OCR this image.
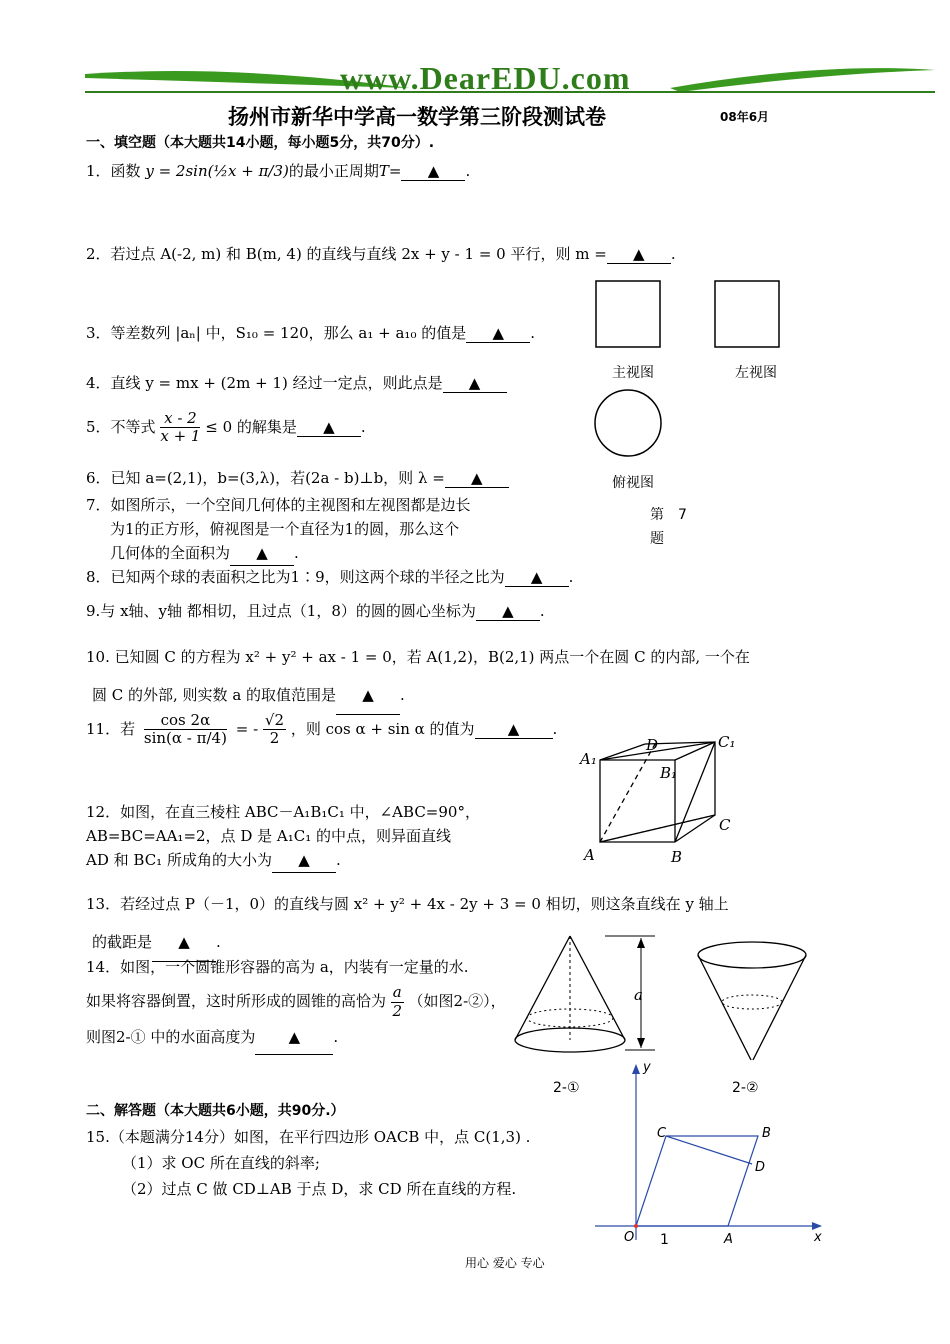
www.DearEDU.com
扬州市新华中学高一数学第三阶段测试卷	08年6月
一、填空题（本大题共14小题，每小题5分，共70分）.
1．函数 y = 2sin(½x + π/3)的最小正周期T= ▲ .
2．若过点 A(-2, m) 和 B(m, 4) 的直线与直线 2x + y - 1 = 0 平行，则 m = ▲ .
3．等差数列 |aₙ| 中，S₁₀ = 120，那么 a₁ + a₁₀ 的值是 ▲ .
4．直线 y = mx + (2m + 1) 经过一定点，则此点是 ▲
5．不等式 $\frac{x - 2}{x + 1} \le 0$ 的解集是 ▲ .
6．已知 a=(2,1)，b=(3,λ)，若(2a - b)⊥b，则 λ = ▲
7．如图所示，一个空间几何体的主视图和左视图都是边长
为1的正方形，俯视图是一个直径为1的圆，那么这个
几何体的全面积为 ▲ .
8．已知两个球的表面积之比为1∶9，则这两个球的半径之比为 ▲ .
9.与 x轴、y轴 都相切，且过点（1，8）的圆的圆心坐标为 ▲ .
10. 已知圆 C 的方程为 x² + y² + ax - 1 = 0，若 A(1,2)，B(2,1) 两点一个在圆 C 的内部, 一个在
圆 C 的外部, 则实数 a 的取值范围是 ▲ .
11．若 $\frac{\cos 2\alpha}{\sin(\alpha - \pi/4)}$ = - $\frac{√2}{2}$ ，则 cos α + sin α 的值为 ▲ .
12．如图，在直三棱柱 ABC－A₁B₁C₁ 中，∠ABC=90°，
AB=BC=AA₁=2，点 D 是 A₁C₁ 的中点，则异面直线
AD 和 BC₁ 所成角的大小为 ▲ .
13．若经过点 P（－1，0）的直线与圆 x² + y² + 4x - 2y + 3 = 0 相切，则这条直线在 y 轴上
的截距是 ▲ .
14．如图，一个圆锥形容器的高为 a，内装有一定量的水.
如果将容器倒置，这时所形成的圆锥的高恰为 $\frac{a}{2}$ （如图2-②），
则图2-① 中的水面高度为 ▲ .
二、解答题（本大题共6小题，共90分.）
15.（本题满分14分）如图，在平行四边形 OACB 中，点 C(1,3) .
（1）求 OC 所在直线的斜率;
（2）过点 C 做 CD⊥AB 于点 D，求 CD 所在直线的方程.
主视图	左视图
俯视图
第　7
题
A₁
D	C₁
B₁
C
A	B
a
2-①	2-②
y
x
O 1	A
C	B
D
用心 爱心 专心
